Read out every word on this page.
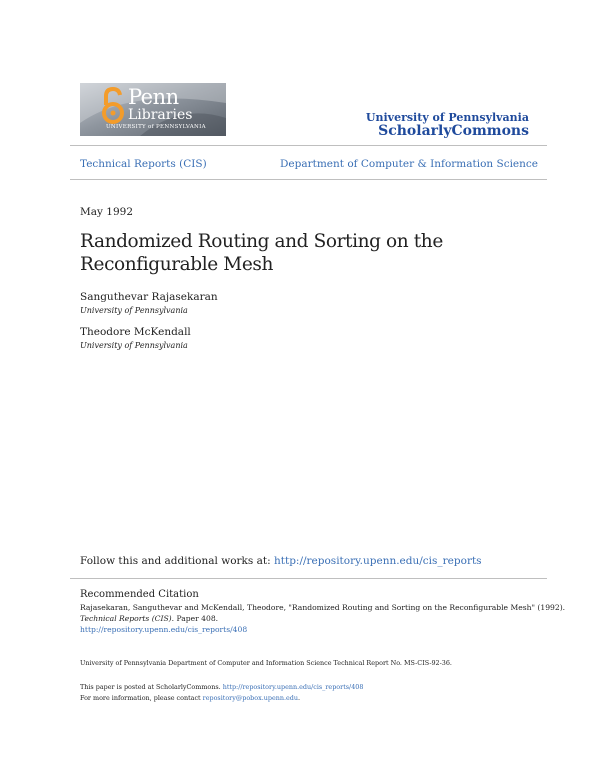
Penn
Libraries
UNIVERSITY of PENNSYLVANIA
University of Pennsylvania
ScholarlyCommons
Technical Reports (CIS)	Department of Computer & Information Science
May 1992
Randomized Routing and Sorting on the Reconfigurable Mesh
Sanguthevar Rajasekaran
University of Pennsylvania
Theodore McKendall
University of Pennsylvania
Follow this and additional works at: http://repository.upenn.edu/cis_reports
Recommended Citation
Rajasekaran, Sanguthevar and McKendall, Theodore, "Randomized Routing and Sorting on the Reconfigurable Mesh" (1992).
Technical Reports (CIS). Paper 408.
http://repository.upenn.edu/cis_reports/408
University of Pennsylvania Department of Computer and Information Science Technical Report No. MS-CIS-92-36.
This paper is posted at ScholarlyCommons. http://repository.upenn.edu/cis_reports/408
For more information, please contact repository@pobox.upenn.edu.
